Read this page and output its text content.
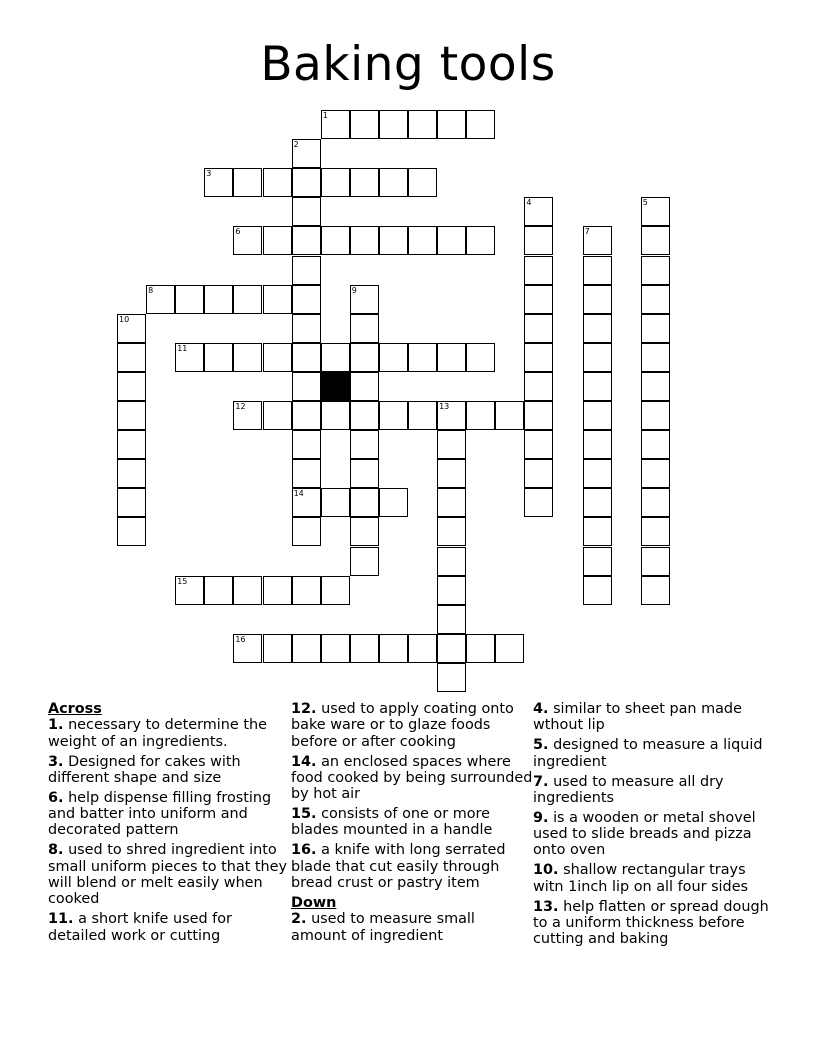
Baking tools
1
3
6
8
11
12	13
14
15
16
2
4	5
7
9
10
Across
1. necessary to determine the weight of an ingredients.
3. Designed for cakes with different shape and size
6. help dispense filling frosting and batter into uniform and decorated pattern
8. used to shred ingredient into small uniform pieces to that they will blend or melt easily when cooked
11. a short knife used for detailed work or cutting
12. used to apply coating onto bake ware or to glaze foods before or after cooking
14. an enclosed spaces where food cooked by being surrounded by hot air
15. consists of one or more blades mounted in a handle
16. a knife with long serrated blade that cut easily through bread crust or pastry item
Down
2. used to measure small amount of ingredient
4. similar to sheet pan made wthout lip
5. designed to measure a liquid ingredient
7. used to measure all dry ingredients
9. is a wooden or metal shovel used to slide breads and pizza onto oven
10. shallow rectangular trays witn 1inch lip on all four sides
13. help flatten or spread dough to a uniform thickness before cutting and baking
